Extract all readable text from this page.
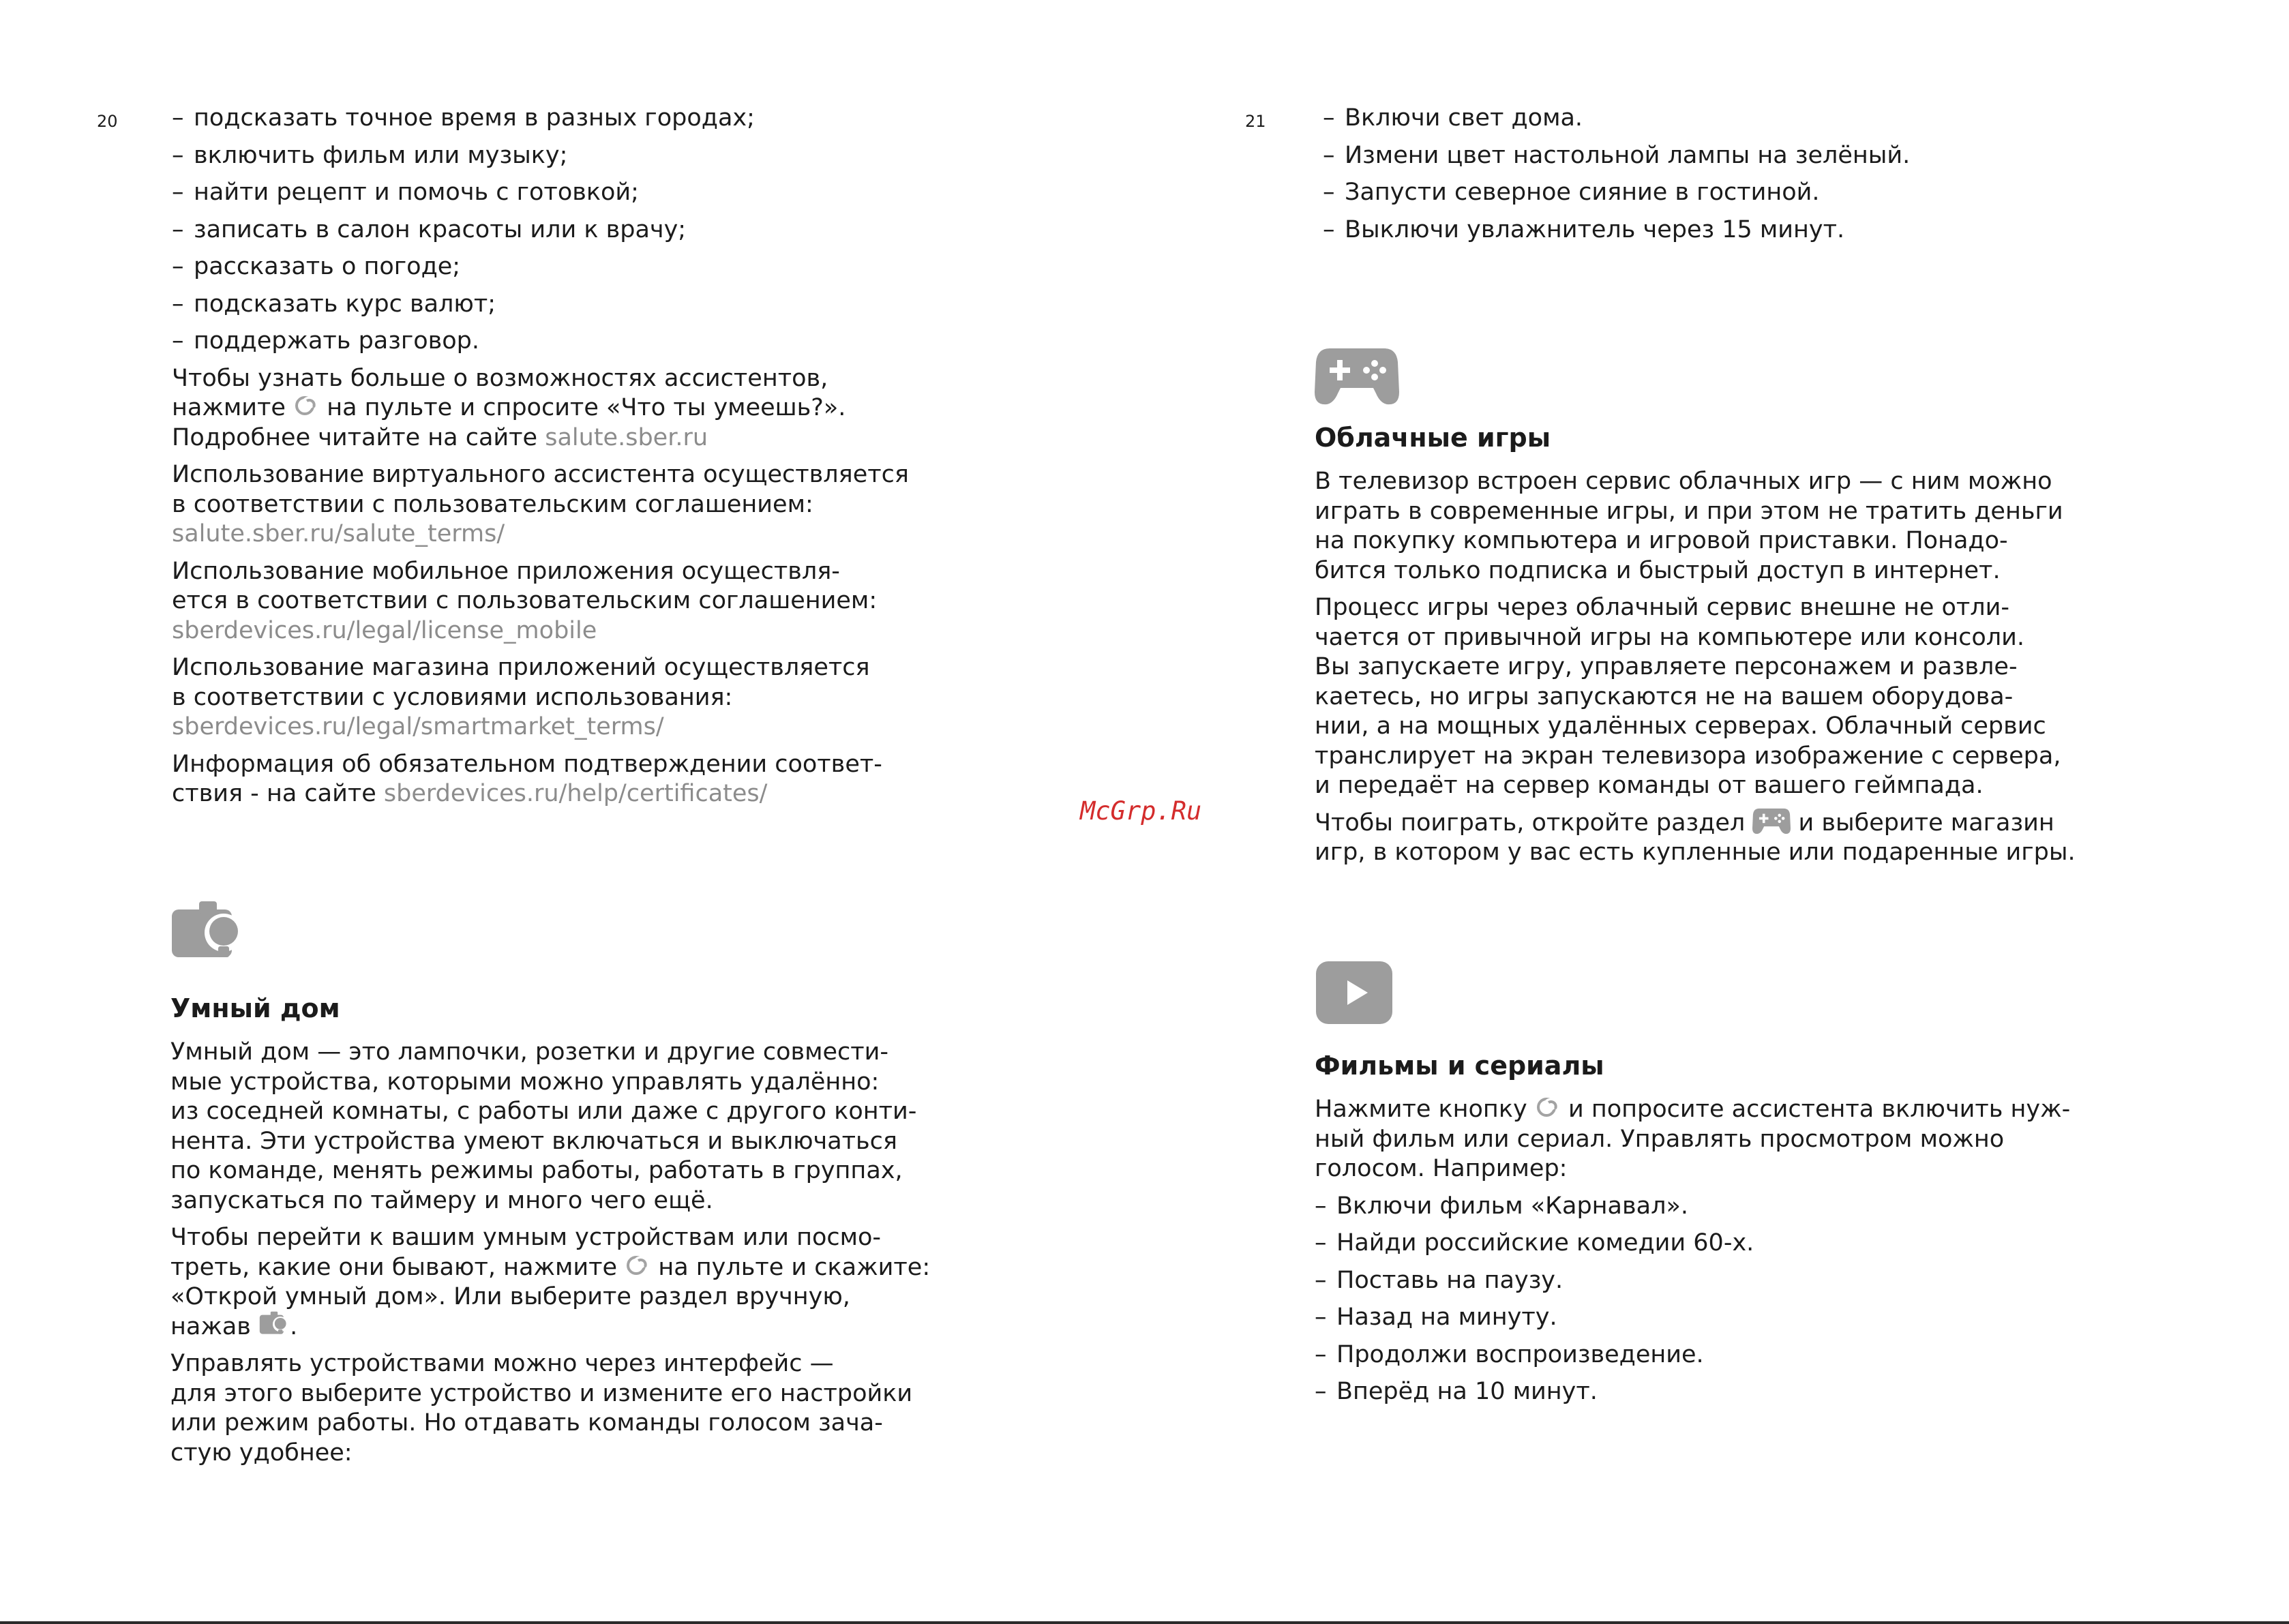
20 – подсказать точное время в разных городах;
– включить фильм или музыку;
– найти рецепт и помочь с готовкой;
– записать в салон красоты или к врачу;
– рассказать о погоде;
– подсказать курс валют;
– поддержать разговор.

Чтобы узнать больше о возможностях ассистентов,
нажмите на пульте и спросите «Что ты умеешь?».
Подробнее читайте на сайте salute.sber.ru

Использование виртуального ассистента осуществляется
в соответствии с пользовательским соглашением:
salute.sber.ru/salute_terms/

Использование мобильное приложения осуществля-
ется в соответствии с пользовательским соглашением:
sberdevices.ru/legal/license_mobile

Использование магазина приложений осуществляется
в соответствии с условиями использования:
sberdevices.ru/legal/smartmarket_terms/

Информация об обязательном подтверждении соответ-
ствия - на сайте sberdevices.ru/help/certificates/

Умный дом

Умный дом — это лампочки, розетки и другие совмести-
мые устройства, которыми можно управлять удалённо:
из соседней комнаты, с работы или даже с другого конти-
нента. Эти устройства умеют включаться и выключаться
по команде, менять режимы работы, работать в группах,
запускаться по таймеру и много чего ещё.

Чтобы перейти к вашим умным устройствам или посмо-
треть, какие они бывают, нажмите на пульте и скажите:
«Открой умный дом». Или выберите раздел вручную,
нажав .

Управлять устройствами можно через интерфейс —
для этого выберите устройство и измените его настройки
или режим работы. Но отдавать команды голосом зача-
стую удобнее:

McGrp.Ru
21 – Включи свет дома.
– Измени цвет настольной лампы на зелёный.
– Запусти северное сияние в гостиной.
– Выключи увлажнитель через 15 минут.
Облачные игры

В телевизор встроен сервис облачных игр — с ним можно
играть в современные игры, и при этом не тратить деньги
на покупку компьютера и игровой приставки. Понадо-
бится только подписка и быстрый доступ в интернет.

Процесс игры через облачный сервис внешне не отли-
чается от привычной игры на компьютере или консоли.
Вы запускаете игру, управляете персонажем и развле-
каетесь, но игры запускаются не на вашем оборудова-
нии, а на мощных удалённых серверах. Облачный сервис
транслирует на экран телевизора изображение с сервера,
и передаёт на сервер команды от вашего геймпада.

Чтобы поиграть, откройте раздел и выберите магазин
игр, в котором у вас есть купленные или подаренные игры.

Фильмы и сериалы

Нажмите кнопку и попросите ассистента включить нуж-
ный фильм или сериал. Управлять просмотром можно
голосом. Например:

– Включи фильм «Карнавал».
– Найди российские комедии 60-х.
– Поставь на паузу.
– Назад на минуту.
– Продолжи воспроизведение.
– Вперёд на 10 минут.
